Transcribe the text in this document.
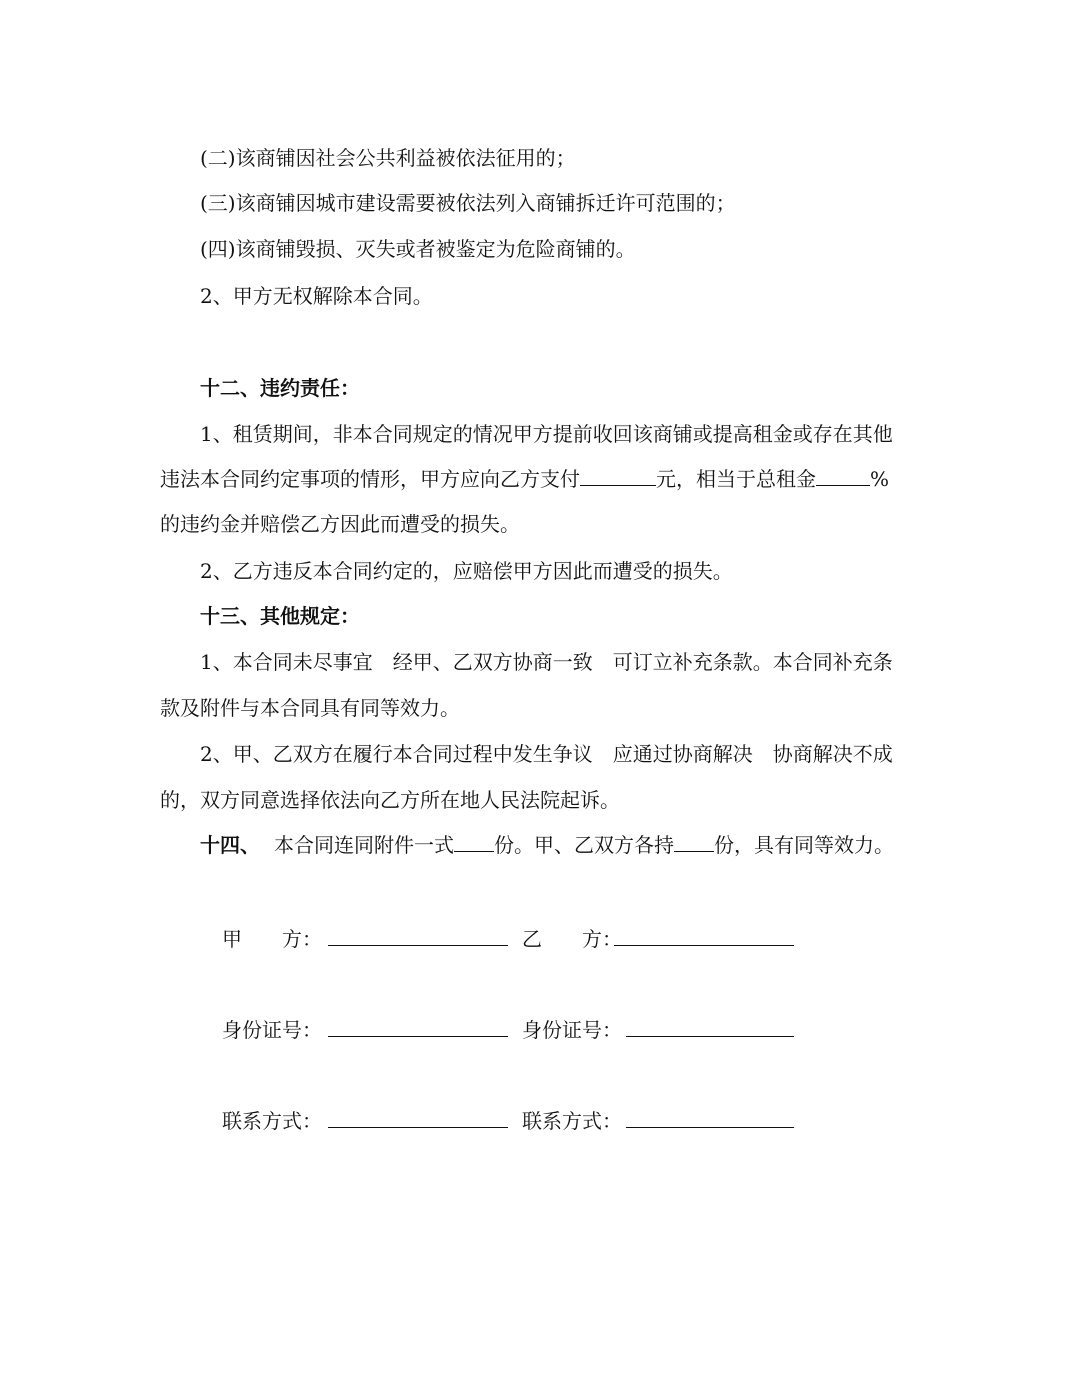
(二)该商铺因社会公共利益被依法征用的；
(三)该商铺因城市建设需要被依法列入商铺拆迁许可范围的；
(四)该商铺毁损、灭失或者被鉴定为危险商铺的。
2、甲方无权解除本合同。
十二、违约责任：
1、租赁期间，非本合同规定的情况甲方提前收回该商铺或提高租金或存在其他
违法本合同约定事项的情形，甲方应向乙方支付	元，相当于总租金	%
的违约金并赔偿乙方因此而遭受的损失。
2、乙方违反本合同约定的，应赔偿甲方因此而遭受的损失。
十三、其他规定：
1、本合同未尽事宜　经甲、乙双方协商一致　可订立补充条款。本合同补充条
款及附件与本合同具有同等效力。
2、甲、乙双方在履行本合同过程中发生争议　应通过协商解决　协商解决不成
的，双方同意选择依法向乙方所在地人民法院起诉。
十四、 本合同连同附件一式 份。甲、乙双方各持 份，具有同等效力。
甲　　方：	乙　　方：
身份证号：	身份证号：
联系方式：	联系方式：
